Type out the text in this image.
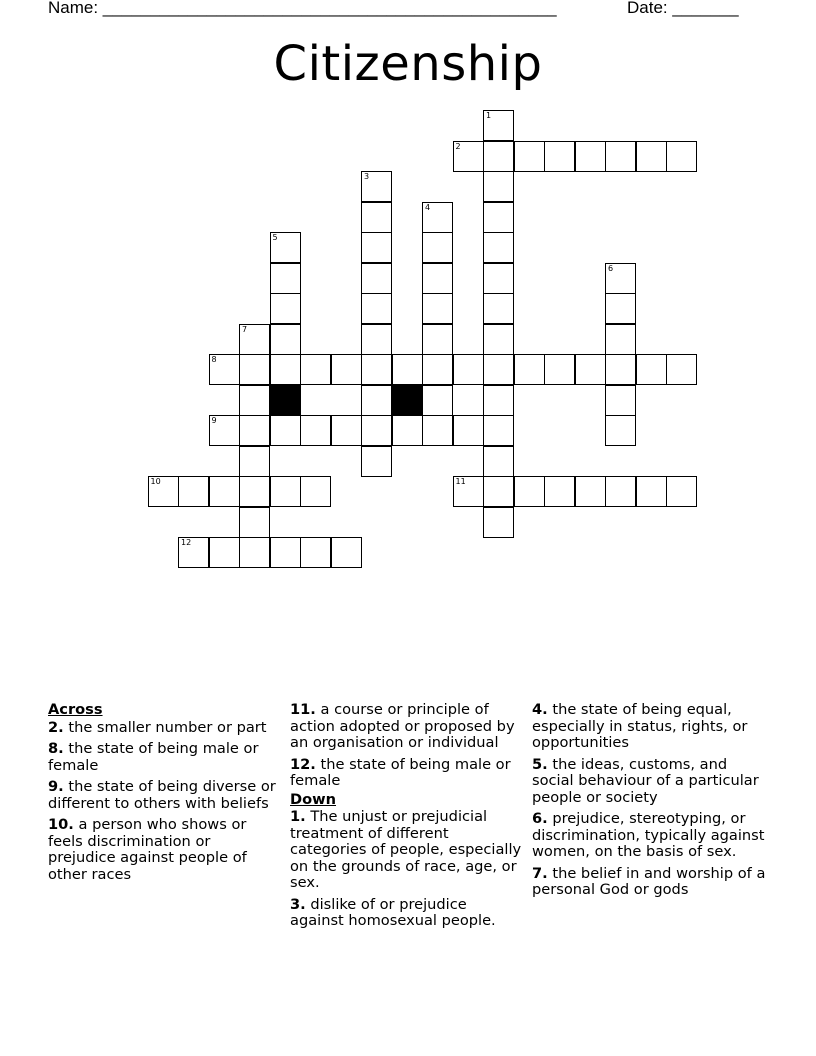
Name: ________________________________________________	Date: _______
Citizenship
1
2
3
4
5
6
7
8
9
10	11
12
Across
2. the smaller number or part
8. the state of being male or female
9. the state of being diverse or different to others with beliefs
10. a person who shows or feels discrimination or prejudice against people of other races
11. a course or principle of action adopted or proposed by an organisation or individual
12. the state of being male or female
Down
1. The unjust or prejudicial treatment of different categories of people, especially on the grounds of race, age, or sex.
3. dislike of or prejudice against homosexual people.
4. the state of being equal, especially in status, rights, or opportunities
5. the ideas, customs, and social behaviour of a particular people or society
6. prejudice, stereotyping, or discrimination, typically against women, on the basis of sex.
7. the belief in and worship of a personal God or gods
